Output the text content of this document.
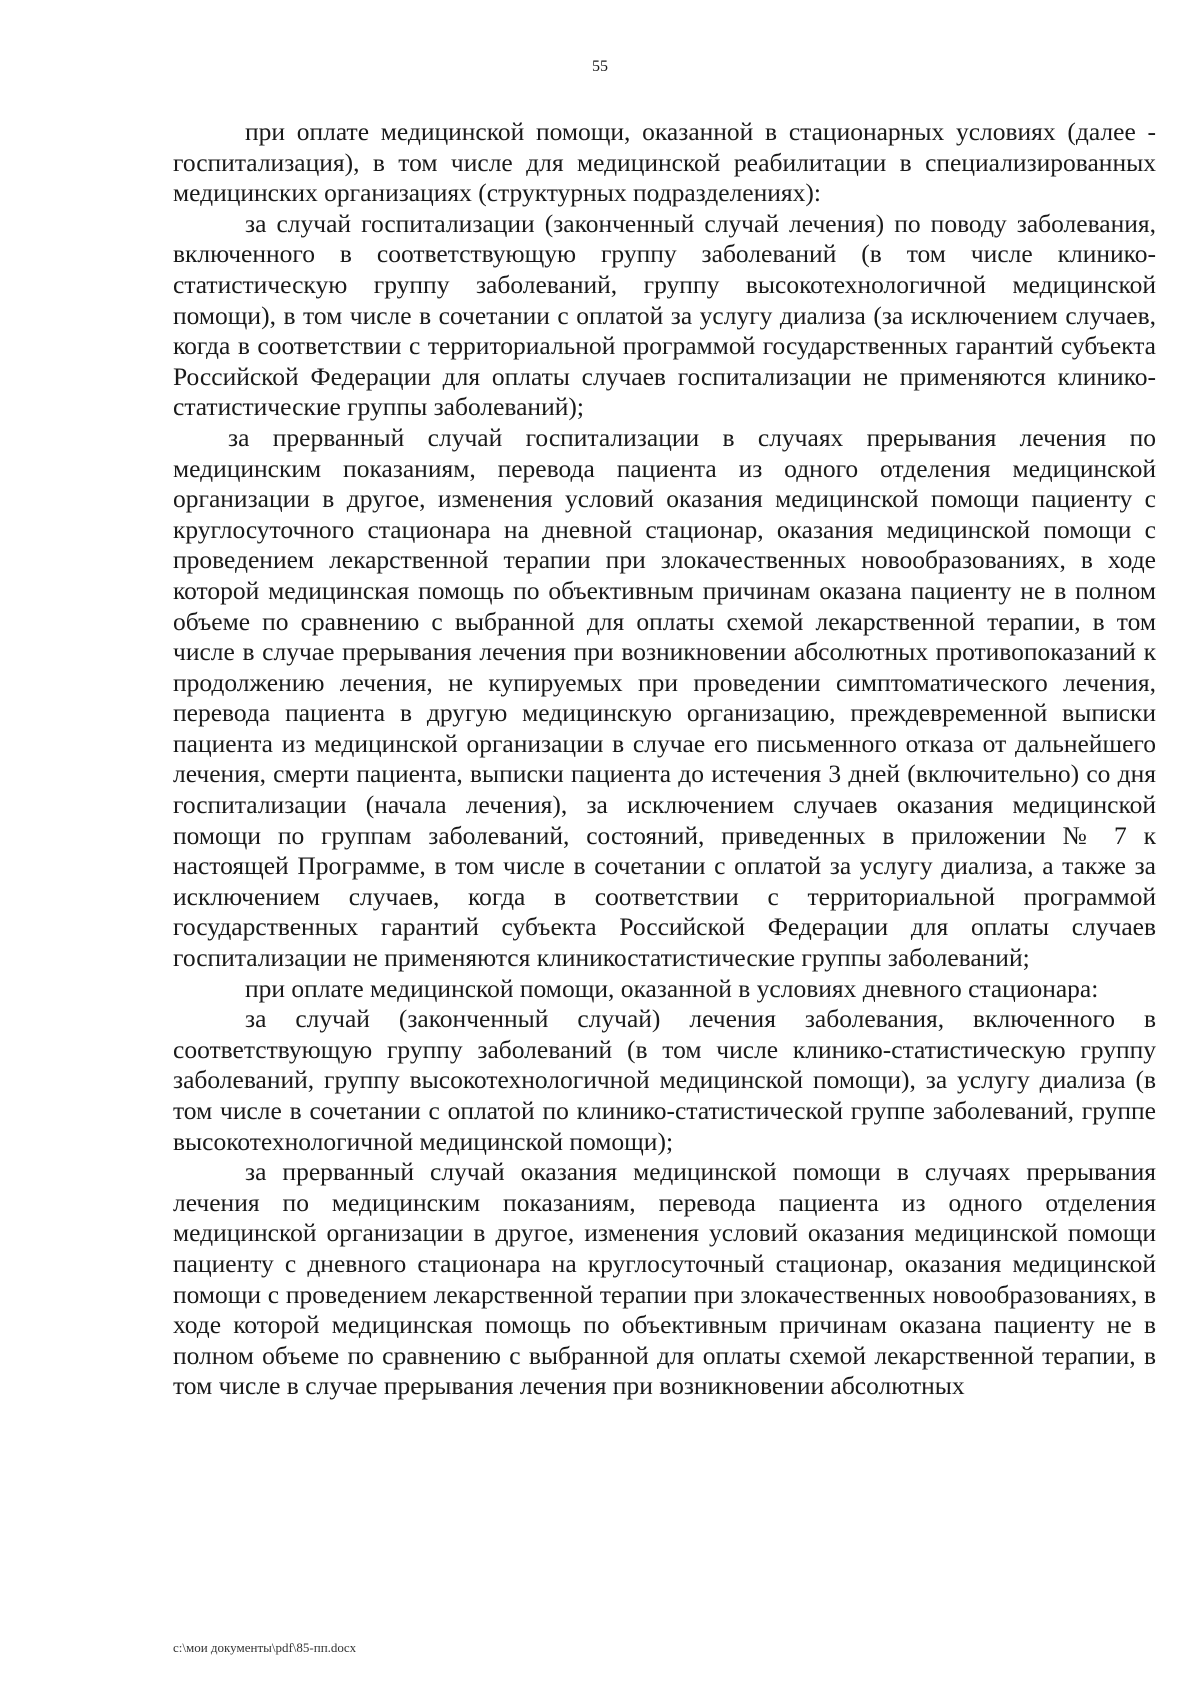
55

при оплате медицинской помощи, оказанной в стационарных условиях (далее - госпитализация), в том числе для медицинской реабилитации в специализированных медицинских организациях (структурных подразделениях):

за случай госпитализации (законченный случай лечения) по поводу заболевания, включенного в соответствующую группу заболеваний (в том числе клинико-статистическую группу заболеваний, группу высокотехнологичной медицинской помощи), в том числе в сочетании с оплатой за услугу диализа (за исключением случаев, когда в соответствии с территориальной программой государственных гарантий субъекта Российской Федерации для оплаты случаев госпитализации не применяются клинико-статистические группы заболеваний);

за прерванный случай госпитализации в случаях прерывания лечения по медицинским показаниям, перевода пациента из одного отделения медицинской организации в другое, изменения условий оказания медицинской помощи пациенту с круглосуточного стационара на дневной стационар, оказания медицинской помощи с проведением лекарственной терапии при злокачественных новообразованиях, в ходе которой медицинская помощь по объективным причинам оказана пациенту не в полном объеме по сравнению с выбранной для оплаты схемой лекарственной терапии, в том числе в случае прерывания лечения при возникновении абсолютных противопоказаний к продолжению лечения, не купируемых при проведении симптоматического лечения, перевода пациента в другую медицинскую организацию, преждевременной выписки пациента из медицинской организации в случае его письменного отказа от дальнейшего лечения, смерти пациента, выписки пациента до истечения 3 дней (включительно) со дня госпитализации (начала лечения), за исключением случаев оказания медицинской помощи по группам заболеваний, состояний, приведенных в приложении № 7 к настоящей Программе, в том числе в сочетании с оплатой за услугу диализа, а также за исключением случаев, когда в соответствии с территориальной программой государственных гарантий субъекта Российской Федерации для оплаты случаев госпитализации не применяются клиникостатистические группы заболеваний;

при оплате медицинской помощи, оказанной в условиях дневного стационара:

за случай (законченный случай) лечения заболевания, включенного в соответствующую группу заболеваний (в том числе клинико-статистическую группу заболеваний, группу высокотехнологичной медицинской помощи), за услугу диализа (в том числе в сочетании с оплатой по клинико-статистической группе заболеваний, группе высокотехнологичной медицинской помощи);

за прерванный случай оказания медицинской помощи в случаях прерывания лечения по медицинским показаниям, перевода пациента из одного отделения медицинской организации в другое, изменения условий оказания медицинской помощи пациенту с дневного стационара на круглосуточный стационар, оказания медицинской помощи с проведением лекарственной терапии при злокачественных новообразованиях, в ходе которой медицинская помощь по объективным причинам оказана пациенту не в полном объеме по сравнению с выбранной для оплаты схемой лекарственной терапии, в том числе в случае прерывания лечения при возникновении абсолютных

c:\мои документы\pdf\85-пп.docx
